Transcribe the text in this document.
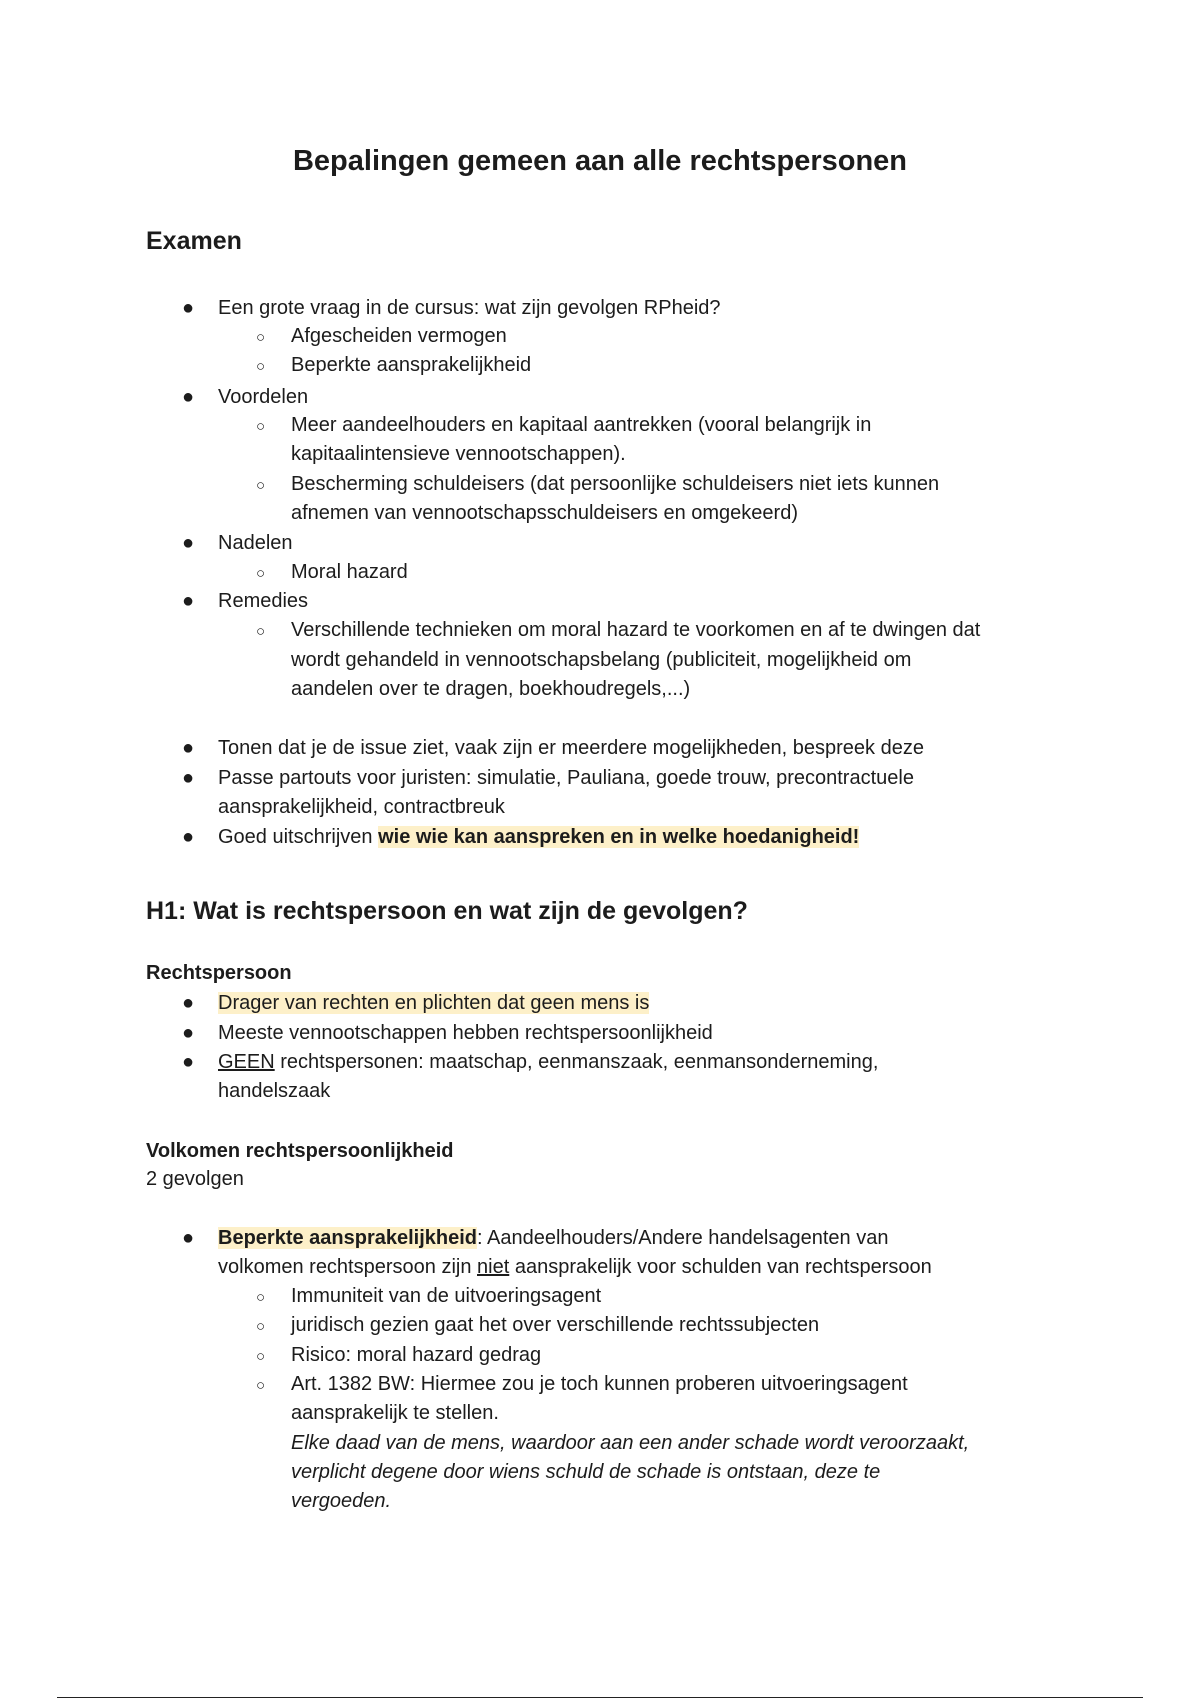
Bepalingen gemeen aan alle rechtspersonen
Examen
● Een grote vraag in de cursus: wat zijn gevolgen RPheid?

○ Afgescheiden vermogen

○ Beperkte aansprakelijkheid

● Voordelen

○ Meer aandeelhouders en kapitaal aantrekken (vooral belangrijk in

kapitaalintensieve vennootschappen).

○ Bescherming schuldeisers (dat persoonlijke schuldeisers niet iets kunnen

afnemen van vennootschapsschuldeisers en omgekeerd)

● Nadelen

○ Moral hazard

● Remedies

○ Verschillende technieken om moral hazard te voorkomen en af te dwingen dat

wordt gehandeld in vennootschapsbelang (publiciteit, mogelijkheid om

aandelen over te dragen, boekhoudregels,...)

● Tonen dat je de issue ziet, vaak zijn er meerdere mogelijkheden, bespreek deze

● Passe partouts voor juristen: simulatie, Pauliana, goede trouw, precontractuele

aansprakelijkheid, contractbreuk

● Goed uitschrijven wie wie kan aanspreken en in welke hoedanigheid!

H1: Wat is rechtspersoon en wat zijn de gevolgen?
Rechtspersoon
● Drager van rechten en plichten dat geen mens is

● Meeste vennootschappen hebben rechtspersoonlijkheid

● GEEN rechtspersonen: maatschap, eenmanszaak, eenmansonderneming,

handelszaak

Volkomen rechtspersoonlijkheid

2 gevolgen

● Beperkte aansprakelijkheid: Aandeelhouders/Andere handelsagenten van

volkomen rechtspersoon zijn niet aansprakelijk voor schulden van rechtspersoon

○ Immuniteit van de uitvoeringsagent

○ juridisch gezien gaat het over verschillende rechtssubjecten

○ Risico: moral hazard gedrag

○ Art. 1382 BW: Hiermee zou je toch kunnen proberen uitvoeringsagent

aansprakelijk te stellen.

Elke daad van de mens, waardoor aan een ander schade wordt veroorzaakt,

verplicht degene door wiens schuld de schade is ontstaan, deze te

vergoeden.
